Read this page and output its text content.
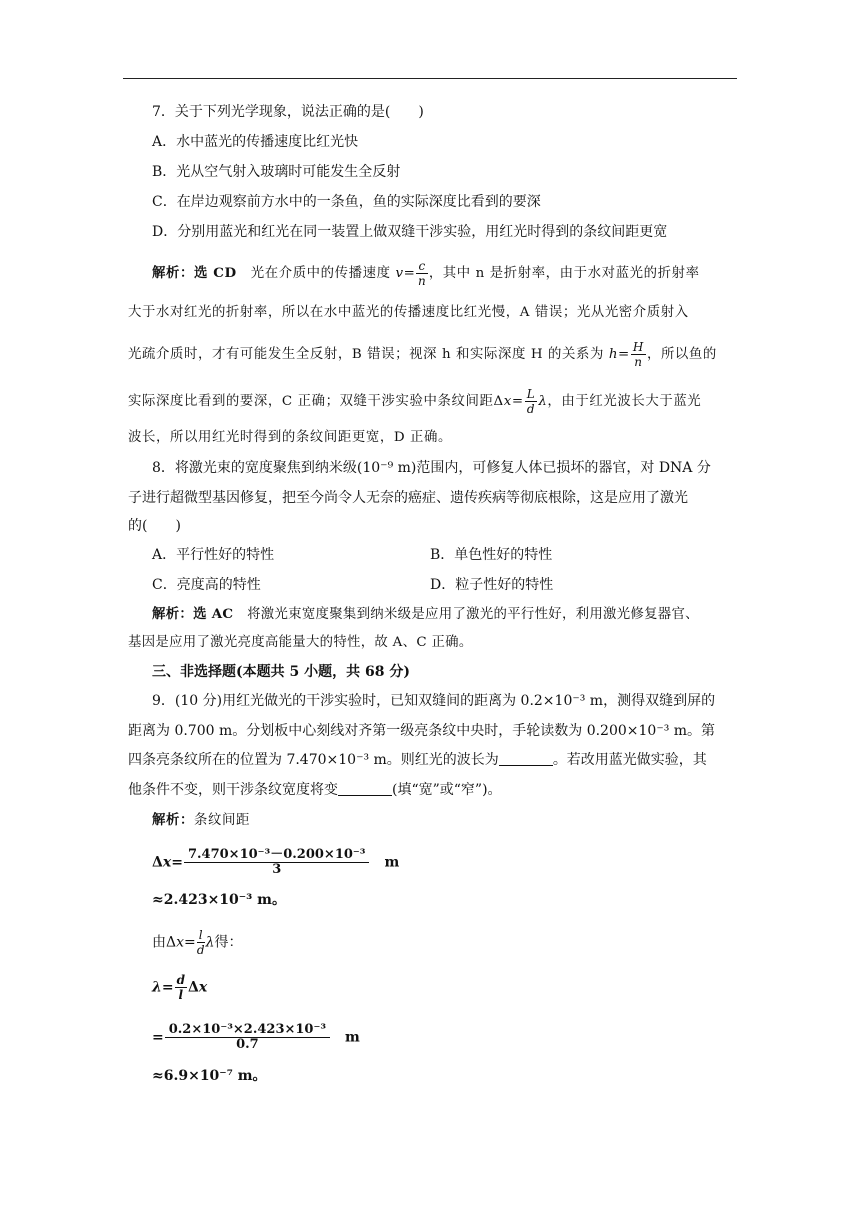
7．关于下列光学现象，说法正确的是(　　)
A．水中蓝光的传播速度比红光快
B．光从空气射入玻璃时可能发生全反射
C．在岸边观察前方水中的一条鱼，鱼的实际深度比看到的要深
D．分别用蓝光和红光在同一装置上做双缝干涉实验，用红光时得到的条纹间距更宽
解析：选 CD　 光在介质中的传播速度 $v= \frac{c}{n}$ ，其中 n 是折射率，由于水对蓝光的折射率
大于水对红光的折射率，所以在水中蓝光的传播速度比红光慢，A 错误；光从光密介质射入
光疏介质时，才有可能发生全反射，B 错误；视深 h 和实际深度 H 的关系为 $h= \frac{H}{n}$ ，所以鱼的
实际深度比看到的要深，C 正确；双缝干涉实验中条纹间距$\Delta x= \frac{L}{d}$ λ，由于红光波长大于蓝光
波长，所以用红光时得到的条纹间距更宽，D 正确。
8．将激光束的宽度聚焦到纳米级(10⁻⁹ m)范围内，可修复人体已损坏的器官，对 DNA 分
子进行超微型基因修复，把至今尚令人无奈的癌症、遗传疾病等彻底根除，这是应用了激光
的(　　)
A．平行性好的特性	B．单色性好的特性
C．亮度高的特性	D．粒子性好的特性
解析：选 AC　将激光束宽度聚集到纳米级是应用了激光的平行性好，利用激光修复器官、
基因是应用了激光亮度高能量大的特性，故 A、C 正确。
三、非选择题(本题共 5 小题，共 68 分)
9．(10 分)用红光做光的干涉实验时，已知双缝间的距离为 0.2×10⁻³ m，测得双缝到屏的
距离为 0.700 m。分划板中心刻线对齐第一级亮条纹中央时，手轮读数为 0.200×10⁻³ m。第
四条亮条纹所在的位置为 7.470×10⁻³ m。则红光的波长为	。若改用蓝光做实验，其
他条件不变，则干涉条纹宽度将变	(填“宽”或“窄”)。
解析：条纹间距
$\Delta x= \frac{\text{7.470×10⁻³－0.200×10⁻³}}{3}$
　 m
≈2.423×10⁻³ m。
由$\Delta x= \frac{l}{d}$ λ得：
$\lambda= \frac{d}{l}$ Δx
= $\frac{\text{0.2×10⁻³×2.423×10⁻³}}{0.7}$
　 m
≈6.9×10⁻⁷ m。
